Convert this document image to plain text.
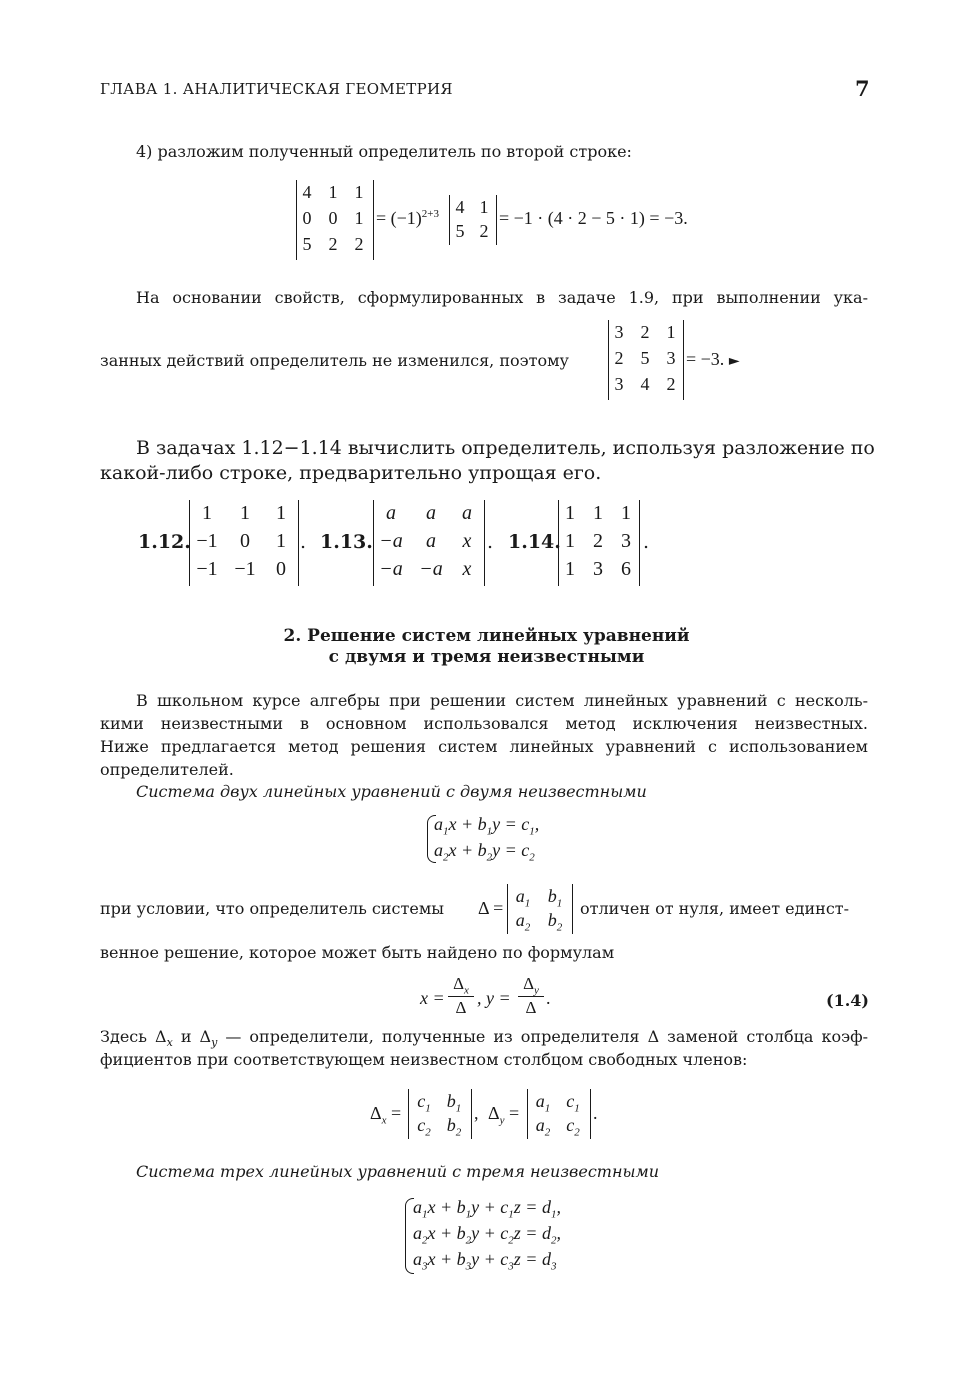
ГЛАВА 1. АНАЛИТИЧЕСКАЯ ГЕОМЕТРИЯ	7
4) разложим полученный определитель по второй строке:
4 1 1
0 0 1
5 2 2
= $(-1)^{2+3}$ 4 1
5 2
= −1 · (4 · 2 − 5 · 1) = −3.
На основании свойств, сформулированных в задаче 1.9, при выполнении ука-
занных действий определитель не изменился, поэтому
3 2 1
2 5 3
3 4 2
= −3. ►
В задачах 1.12−1.14 вычислить определитель, используя разложение по
какой-либо строке, предварительно упрощая его.
1.12.
1	1	1
−1	0	1
−1 −1	0
. 1.13.
a	a	a
−a	a	x
−a −a x
. 1.14.
1 1 1
1 2 3
1 3 6
.
2. Решение систем линейных уравнений
с двумя и тремя неизвестными
В школьном курсе алгебры при решении систем линейных уравнений с несколь-
кими неизвестными в основном использовался метод исключения неизвестных.
Ниже предлагается метод решения систем линейных уравнений с использованием
определителей.
Система двух линейных уравнений с двумя неизвестными
$a_1x + b_1y = c_1$,
$a_2x + b_2y = c_2$
при условии, что определитель системы Δ =
$a_1$ $b_1$
$a_2$ $b_2$
отличен от нуля, имеет единст-
венное решение, которое может быть найдено по формулам
x =
$\Delta_x$
Δ , y =
$\Delta_y$
Δ .	(1.4)
Здесь $\Delta_x$ и $\Delta_y$ — определители, полученные из определителя Δ заменой столбца коэф-
фициентов при соответствующем неизвестном столбцом свободных членов:
$\Delta_x$ =
$c_1$ $b_1$
$c_2$ $b_2$
, $\Delta_y$ =
$a_1$ $c_1$
$a_2$ $c_2$
.
Система трех линейных уравнений с тремя неизвестными
$a_1x + b_1y + c_1z = d_1$,
$a_2x + b_2y + c_2z = d_2$,
$a_3x + b_3y + c_3z = d_3$
